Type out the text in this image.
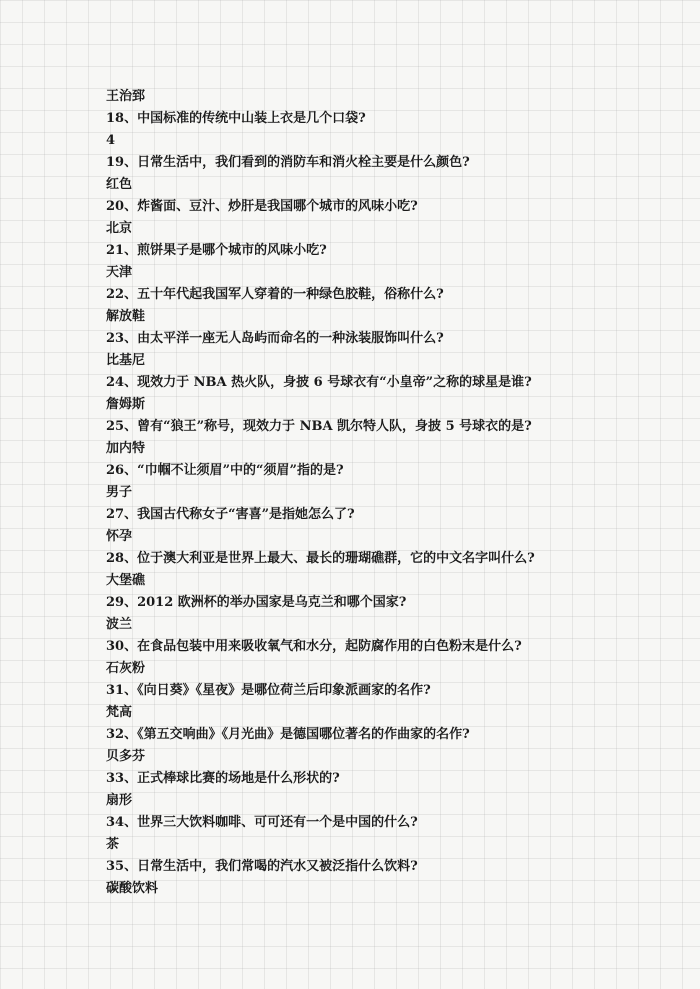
王治郅
18、中国标准的传统中山装上衣是几个口袋?
4
19、日常生活中，我们看到的消防车和消火栓主要是什么颜色?
红色
20、炸酱面、豆汁、炒肝是我国哪个城市的风味小吃?
北京
21、煎饼果子是哪个城市的风味小吃?
天津
22、五十年代起我国军人穿着的一种绿色胶鞋，俗称什么?
解放鞋
23、由太平洋一座无人岛屿而命名的一种泳装服饰叫什么?
比基尼
24、现效力于 NBA 热火队，身披 6 号球衣有“小皇帝”之称的球星是谁?
詹姆斯
25、曾有“狼王”称号，现效力于 NBA 凯尔特人队，身披 5 号球衣的是?
加内特
26、“巾帼不让须眉”中的“须眉”指的是?
男子
27、我国古代称女子“害喜”是指她怎么了?
怀孕
28、位于澳大利亚是世界上最大、最长的珊瑚礁群，它的中文名字叫什么?
大堡礁
29、2012 欧洲杯的举办国家是乌克兰和哪个国家?
波兰
30、在食品包装中用来吸收氧气和水分，起防腐作用的白色粉末是什么?
石灰粉
31、《向日葵》《星夜》是哪位荷兰后印象派画家的名作?
梵高
32、《第五交响曲》《月光曲》是德国哪位著名的作曲家的名作?
贝多芬
33、正式棒球比赛的场地是什么形状的?
扇形
34、世界三大饮料咖啡、可可还有一个是中国的什么?
茶
35、日常生活中，我们常喝的汽水又被泛指什么饮料?
碳酸饮料
